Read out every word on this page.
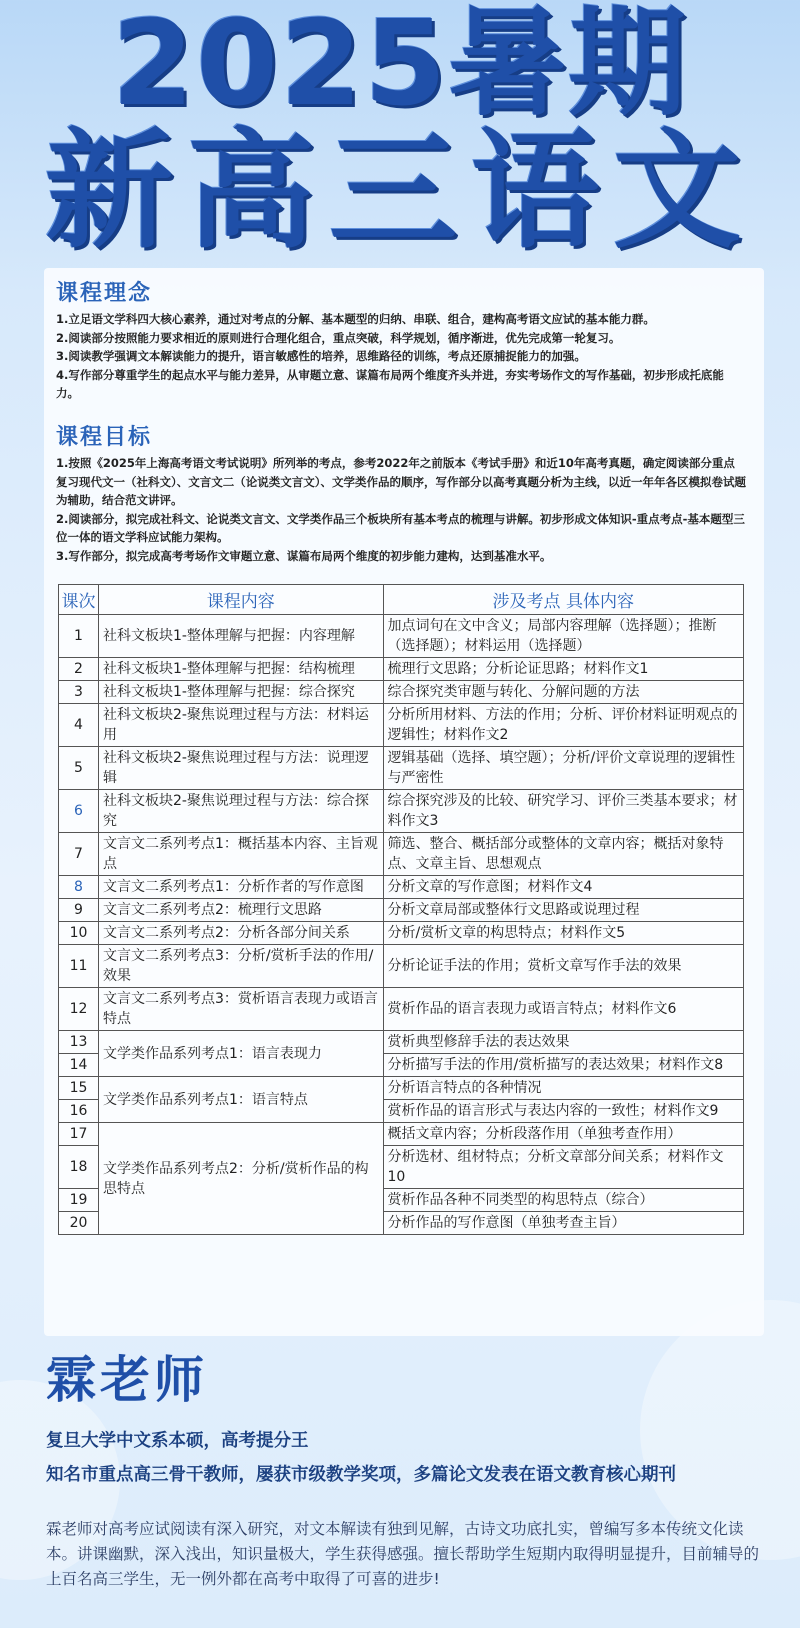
2025暑期
新高三语文
课程理念

1.立足语文学科四大核心素养，通过对考点的分解、基本题型的归纳、串联、组合，建构高考语文应试的基本能力群。

2.阅读部分按照能力要求相近的原则进行合理化组合，重点突破，科学规划，循序渐进，优先完成第一轮复习。

3.阅读教学强调文本解读能力的提升，语言敏感性的培养，思维路径的训练，考点还原捕捉能力的加强。

4.写作部分尊重学生的起点水平与能力差异，从审题立意、谋篇布局两个维度齐头并进，夯实考场作文的写作基础，初步形成托底能力。

课程目标

1.按照《2025年上海高考语文考试说明》所列举的考点，参考2022年之前版本《考试手册》和近10年高考真题，确定阅读部分重点复习现代文一（社科文）、文言文二（论说类文言文）、文学类作品的顺序，写作部分以高考真题分析为主线，以近一年年各区模拟卷试题为辅助，结合范文讲评。

2.阅读部分，拟完成社科文、论说类文言文、文学类作品三个板块所有基本考点的梳理与讲解。初步形成文体知识-重点考点-基本题型三位一体的语文学科应试能力架构。

3.写作部分，拟完成高考考场作文审题立意、谋篇布局两个维度的初步能力建构，达到基准水平。

课次	课程内容	涉及考点 具体内容
1	社科文板块1-整体理解与把握：内容理解	加点词句在文中含义；局部内容理解（选择题）；推断（选择题）；材料运用（选择题）
2	社科文板块1-整体理解与把握：结构梳理	梳理行文思路；分析论证思路；材料作文1
3	社科文板块1-整体理解与把握：综合探究	综合探究类审题与转化、分解问题的方法
4	社科文板块2-聚焦说理过程与方法：材料运用	分析所用材料、方法的作用；分析、评价材料证明观点的逻辑性；材料作文2
5	社科文板块2-聚焦说理过程与方法：说理逻辑	逻辑基础（选择、填空题）；分析/评价文章说理的逻辑性与严密性
6	社科文板块2-聚焦说理过程与方法：综合探究	综合探究涉及的比较、研究学习、评价三类基本要求；材料作文3
7	文言文二系列考点1：概括基本内容、主旨观点	筛选、整合、概括部分或整体的文章内容；概括对象特点、文章主旨、思想观点
8	文言文二系列考点1：分析作者的写作意图	分析文章的写作意图；材料作文4
9	文言文二系列考点2：梳理行文思路	分析文章局部或整体行文思路或说理过程
10	文言文二系列考点2：分析各部分间关系	分析/赏析文章的构思特点；材料作文5
11	文言文二系列考点3：分析/赏析手法的作用/效果	分析论证手法的作用；赏析文章写作手法的效果
12	文言文二系列考点3：赏析语言表现力或语言特点	赏析作品的语言表现力或语言特点；材料作文6
13	文学类作品系列考点1：语言表现力	赏析典型修辞手法的表达效果
14		分析描写手法的作用/赏析描写的表达效果；材料作文8
15	文学类作品系列考点1：语言特点	分析语言特点的各种情况
16		赏析作品的语言形式与表达内容的一致性；材料作文9
17	文学类作品系列考点2：分析/赏析作品的构思特点	概括文章内容；分析段落作用（单独考查作用）
18		分析选材、组材特点；分析文章部分间关系；材料作文10
19		赏析作品各种不同类型的构思特点（综合）
20		分析作品的写作意图（单独考查主旨）
霖老师
复旦大学中文系本硕，高考提分王
知名市重点高三骨干教师，屡获市级教学奖项，多篇论文发表在语文教育核心期刊
霖老师对高考应试阅读有深入研究，对文本解读有独到见解，古诗文功底扎实，曾编写多本传统文化读本。讲课幽默，深入浅出，知识量极大，学生获得感强。擅长帮助学生短期内取得明显提升，目前辅导的上百名高三学生，无一例外都在高考中取得了可喜的进步!
